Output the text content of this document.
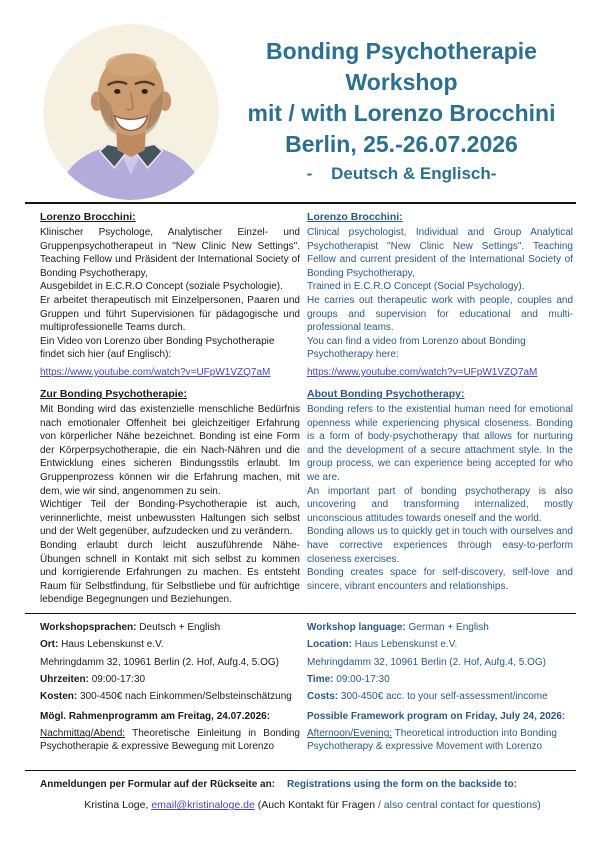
Bonding Psychotherapie
Workshop
mit / with Lorenzo Brocchini
Berlin, 25.-26.07.2026
-    Deutsch & Englisch-

Lorenzo Brocchini:

Klinischer Psychologe, Analytischer Einzel- und Gruppenpsychotherapeut in "New Clinic New Settings". Teaching Fellow und Präsident der International Society of Bonding Psychotherapy,

Ausgebildet in E.C.R.O Concept (soziale Psychologie).

Er arbeitet therapeutisch mit Einzelpersonen, Paaren und Gruppen und führt Supervisionen für pädagogische und multiprofessionelle Teams durch.

Ein Video von Lorenzo über Bonding Psychotherapie findet sich hier (auf Englisch):

https://www.youtube.com/watch?v=UFpW1VZQ7aM

Zur Bonding Psychotherapie:

Mit Bonding wird das existenzielle menschliche Bedürfnis nach emotionaler Offenheit bei gleichzeitiger Erfahrung von körperlicher Nähe bezeichnet. Bonding ist eine Form der Körperpsychotherapie, die ein Nach-Nähren und die Entwicklung eines sicheren Bindungsstils erlaubt. Im Gruppenprozess können wir die Erfahrung machen, mit dem, wie wir sind, angenommen zu sein.

Wichtiger Teil der Bonding-Psychotherapie ist auch, verinnerlichte, meist unbewussten Haltungen sich selbst und der Welt gegenüber, aufzudecken und zu verändern.

Bonding erlaubt durch leicht auszuführende Nähe-Übungen schnell in Kontakt mit sich selbst zu kommen und korrigierende Erfahrungen zu machen. Es entsteht Raum für Selbstfindung, für Selbstliebe und für aufrichtige lebendige Begegnungen und Beziehungen.

Lorenzo Brocchini:

Clinical psychologist, Individual and Group Analytical Psychotherapist "New Clinic New Settings". Teaching Fellow and current president of the International Society of Bonding Psychotherapy,

Trained in E.C.R.O Concept (Social Psychology).

He carries out therapeutic work with people, couples and groups and supervision for educational and multi-professional teams.

You can find a video from Lorenzo about Bonding Psychotherapy here:

https://www.youtube.com/watch?v=UFpW1VZQ7aM

About Bonding Psychotherapy:

Bonding refers to the existential human need for emotional openness while experiencing physical closeness. Bonding is a form of body-psychotherapy that allows for nurturing and the development of a secure attachment style. In the group process, we can experience being accepted for who we are.

An important part of bonding psychotherapy is also uncovering and transforming internalized, mostly unconscious attitudes towards oneself and the world.

Bonding allows us to quickly get in touch with ourselves and have corrective experiences through easy-to-perform closeness exercises.

Bonding creates space for self-discovery, self-love and sincere, vibrant encounters and relationships.

Workshopsprachen: Deutsch + English

Ort: Haus Lebenskunst e.V.

Mehringdamm 32, 10961 Berlin (2. Hof, Aufg.4, 5.OG)

Uhrzeiten: 09:00-17:30

Kosten: 300-450€ nach Einkommen/Selbsteinschätzung

Mögl. Rahmenprogramm am Freitag, 24.07.2026:

Nachmittag/Abend: Theoretische Einleitung in Bonding Psychotherapie & expressive Bewegung mit Lorenzo

Workshop language: German + English

Location: Haus Lebenskunst e.V.

Mehringdamm 32, 10961 Berlin (2. Hof, Aufg.4, 5.OG)

Time: 09:00-17:30

Costs: 300-450€ acc. to your self-assessment/income

Possible Framework program on Friday, July 24, 2026:

Afternoon/Evening: Theoretical introduction into Bonding Psychotherapy & expressive Movement with Lorenzo

Anmeldungen per Formular auf der Rückseite an: Registrations using the form on the backside to:
Kristina Loge, email@kristinaloge.de (Auch Kontakt für Fragen / also central contact for questions)
